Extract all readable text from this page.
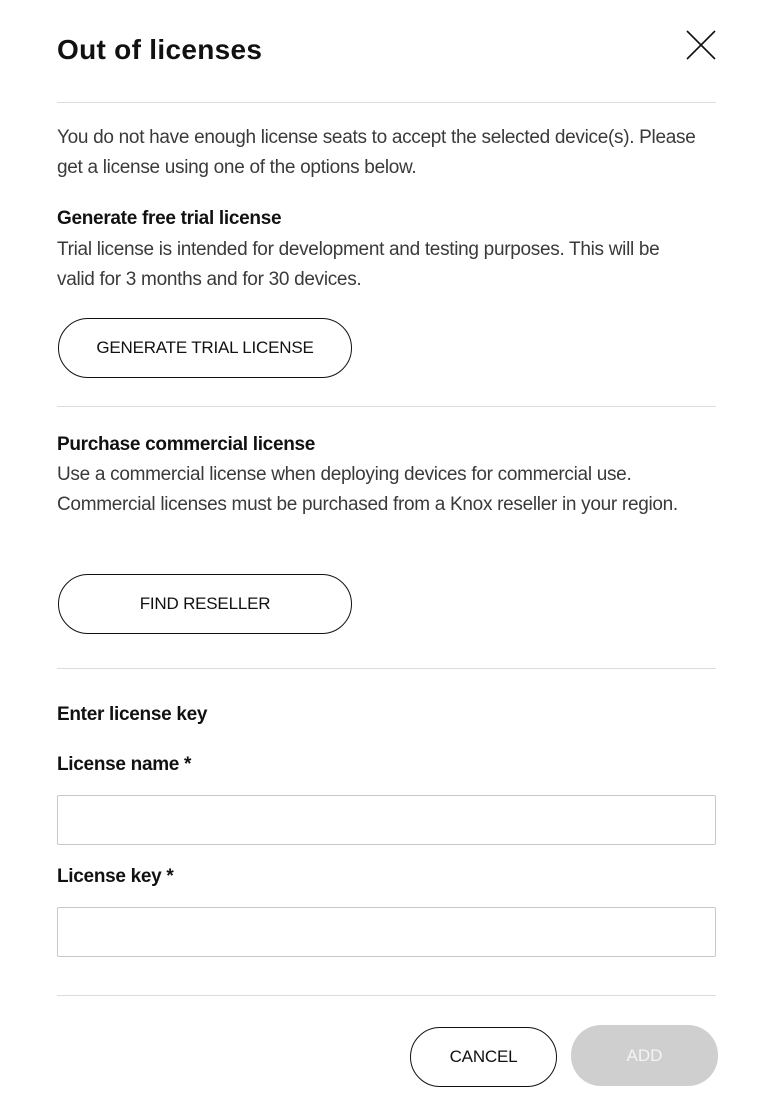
Out of licenses
You do not have enough license seats to accept the selected device(s). Please get a license using one of the options below.
Generate free trial license
Trial license is intended for development and testing purposes. This will be valid for 3 months and for 30 devices.
GENERATE TRIAL LICENSE
Purchase commercial license
Use a commercial license when deploying devices for commercial use. Commercial licenses must be purchased from a Knox reseller in your region.
FIND RESELLER
Enter license key
License name *
License key *
CANCEL	ADD
